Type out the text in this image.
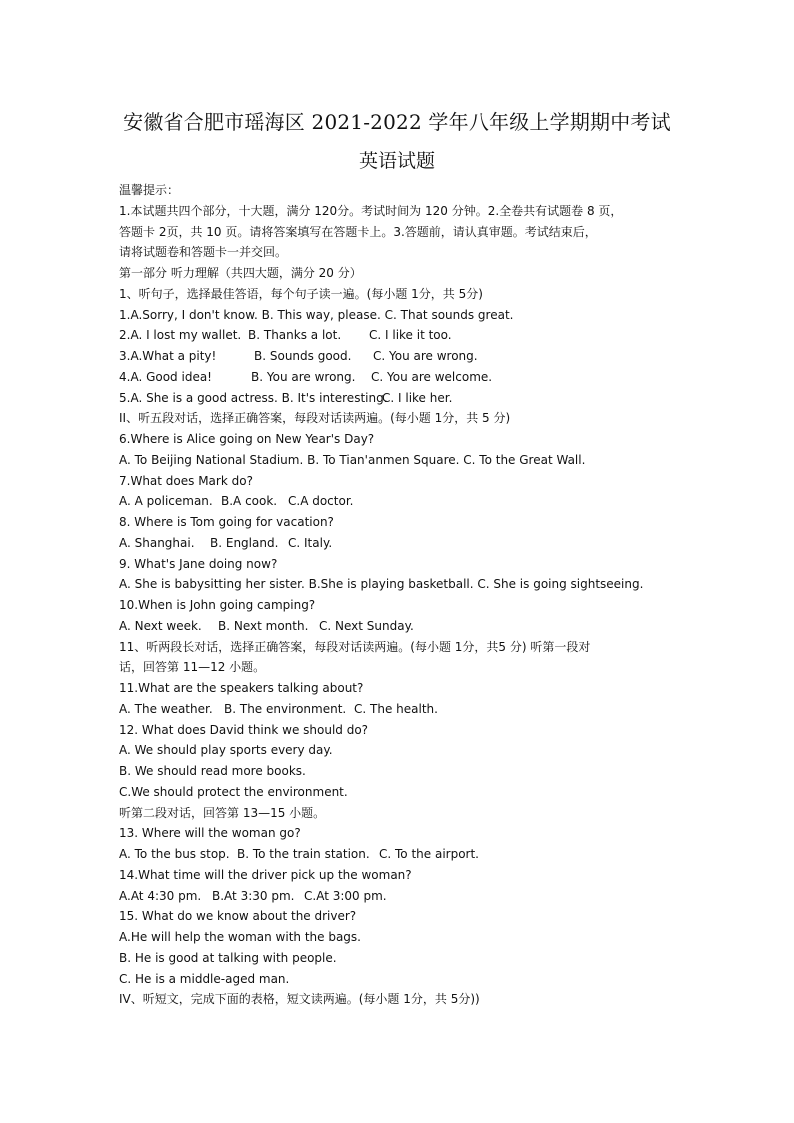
安徽省合肥市瑶海区 2021-2022 学年八年级上学期期中考试
英语试题
温馨提示：
1.本试题共四个部分，十大题，满分 120分。考试时间为 120 分钟。2.全卷共有试题卷 8 页，
答题卡 2页，共 10 页。请将答案填写在答题卡上。3.答题前，请认真审题。考试结束后，
请将试题卷和答题卡一并交回。
第一部分 听力理解（共四大题，满分 20 分）
1、听句子，选择最佳答语，每个句子读一遍。(每小题 1分，共 5分)
1.A.Sorry, I don't know. B. This way, please. C. That sounds great.
2.A. I lost my wallet. B. Thanks a lot. C. I like it too.
3.A.What a pity!	B. Sounds good. C. You are wrong.
4.A. Good idea!	B. You are wrong. C. You are welcome.
5.A. She is a good actress. B. It's interesting.C. I like her.
II、听五段对话，选择正确答案，每段对话读两遍。(每小题 1分，共 5 分)
6.Where is Alice going on New Year's Day?
A. To Beijing National Stadium. B. To Tian'anmen Square. C. To the Great Wall.
7.What does Mark do?
A. A policeman. B.A cook. C.A doctor.
8. Where is Tom going for vacation?
A. Shanghai. B. England. C. Italy.
9. What's Jane doing now?
A. She is babysitting her sister. B.She is playing basketball. C. She is going sightseeing.
10.When is John going camping?
A. Next week. B. Next month. C. Next Sunday.
11、听两段长对话，选择正确答案，每段对话读两遍。(每小题 1分，共5 分) 听第一段对
话，回答第 11—12 小题。
11.What are the speakers talking about?
A. The weather. B. The environment. C. The health.
12. What does David think we should do?
A. We should play sports every day.
B. We should read more books.
C.We should protect the environment.
听第二段对话，回答第 13—15 小题。
13. Where will the woman go?
A. To the bus stop. B. To the train station. C. To the airport.
14.What time will the driver pick up the woman?
A.At 4:30 pm. B.At 3:30 pm. C.At 3:00 pm.
15. What do we know about the driver?
A.He will help the woman with the bags.
B. He is good at talking with people.
C. He is a middle-aged man.
IV、听短文，完成下面的表格，短文读两遍。(每小题 1分，共 5分))
